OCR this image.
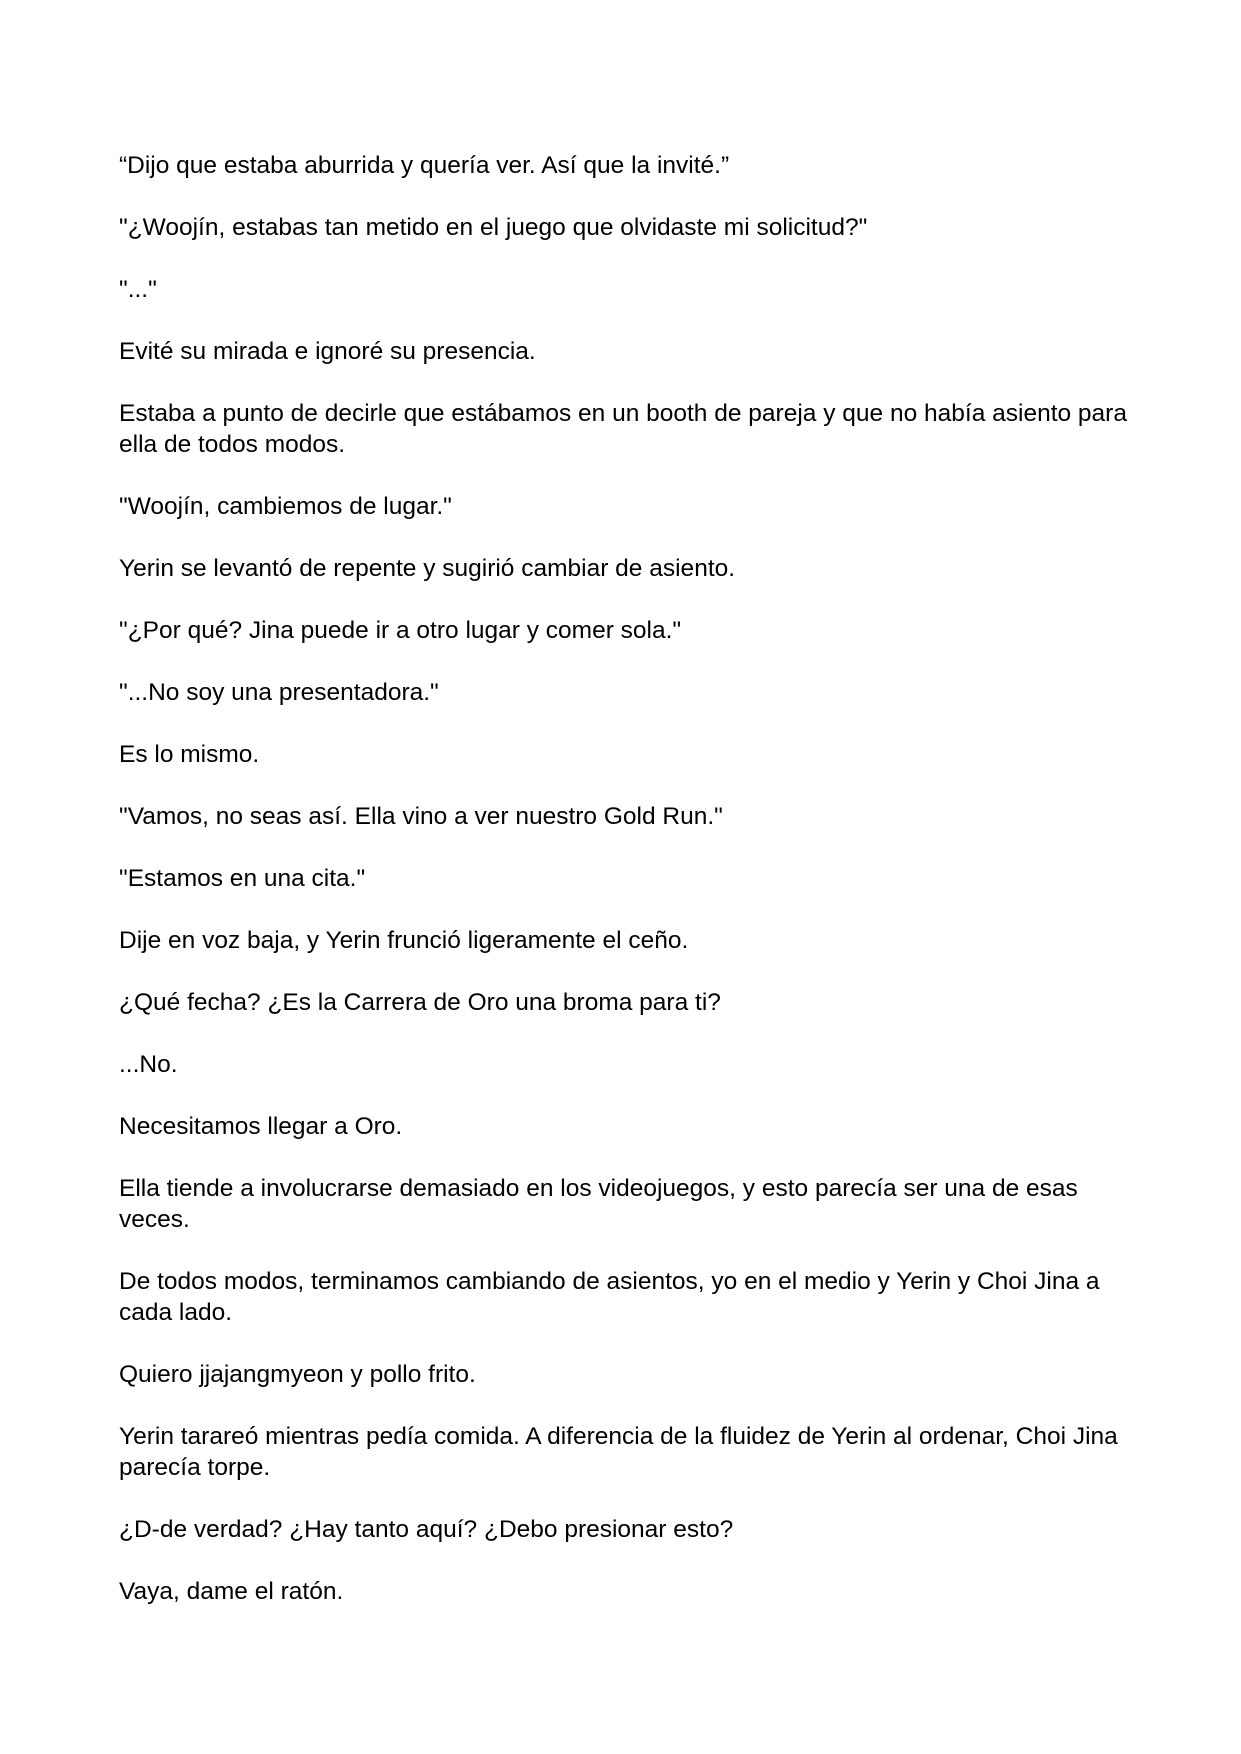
“Dijo que estaba aburrida y quería ver. Así que la invité.”

"¿Woojín, estabas tan metido en el juego que olvidaste mi solicitud?"

"..."

Evité su mirada e ignoré su presencia.

Estaba a punto de decirle que estábamos en un booth de pareja y que no había asiento para ella de todos modos.

"Woojín, cambiemos de lugar."

Yerin se levantó de repente y sugirió cambiar de asiento.

"¿Por qué? Jina puede ir a otro lugar y comer sola."

"...No soy una presentadora."

Es lo mismo.

"Vamos, no seas así. Ella vino a ver nuestro Gold Run."

"Estamos en una cita."

Dije en voz baja, y Yerin frunció ligeramente el ceño.

¿Qué fecha? ¿Es la Carrera de Oro una broma para ti?

...No.

Necesitamos llegar a Oro.

Ella tiende a involucrarse demasiado en los videojuegos, y esto parecía ser una de esas veces.

De todos modos, terminamos cambiando de asientos, yo en el medio y Yerin y Choi Jina a cada lado.

Quiero jjajangmyeon y pollo frito.

Yerin tarareó mientras pedía comida. A diferencia de la fluidez de Yerin al ordenar, Choi Jina parecía torpe.

¿D-de verdad? ¿Hay tanto aquí? ¿Debo presionar esto?

Vaya, dame el ratón.
